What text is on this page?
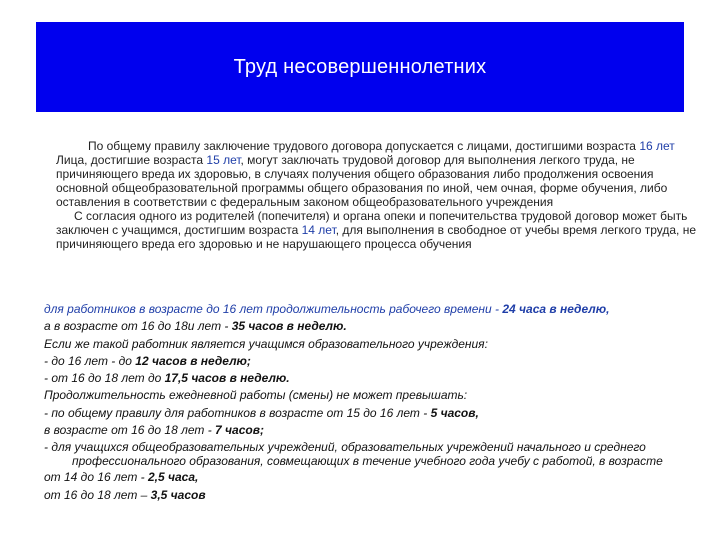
Труд несовершеннолетних

По общему правилу заключение трудового договора допускается с лицами, достигшими возраста 16 лет Лица, достигшие возраста 15 лет, могут заключать трудовой договор для выполнения легкого труда, не причиняющего вреда их здоровью, в случаях получения общего образования либо продолжения освоения основной общеобразовательной программы общего образования по иной, чем очная, форме обучения, либо оставления в соответствии с федеральным законом общеобразовательного учреждения

С согласия одного из родителей (попечителя) и органа опеки и попечительства трудовой договор может быть заключен с учащимся, достигшим возраста 14 лет, для выполнения в свободное от учебы время легкого труда, не причиняющего вреда его здоровью и не нарушающего процесса обучения

для работников в возрасте до 16 лет продолжительность рабочего времени - 24 часа в неделю,
а в возрасте от 16 до 18и лет - 35 часов в неделю.
Если же такой работник является учащимся образовательного учреждения:
- до 16 лет - до 12 часов в неделю;
- от 16 до 18 лет до 17,5 часов в неделю.
Продолжительность ежедневной работы (смены) не может превышать:
- по общему правилу для работников в возрасте от 15 до 16 лет - 5 часов,
в возрасте от 16 до 18 лет - 7 часов;
- для учащихся общеобразовательных учреждений, образовательных учреждений начального и среднего профессионального образования, совмещающих в течение учебного года учебу с работой, в возрасте
от 14 до 16 лет - 2,5 часа,
от 16 до 18 лет – 3,5 часов
